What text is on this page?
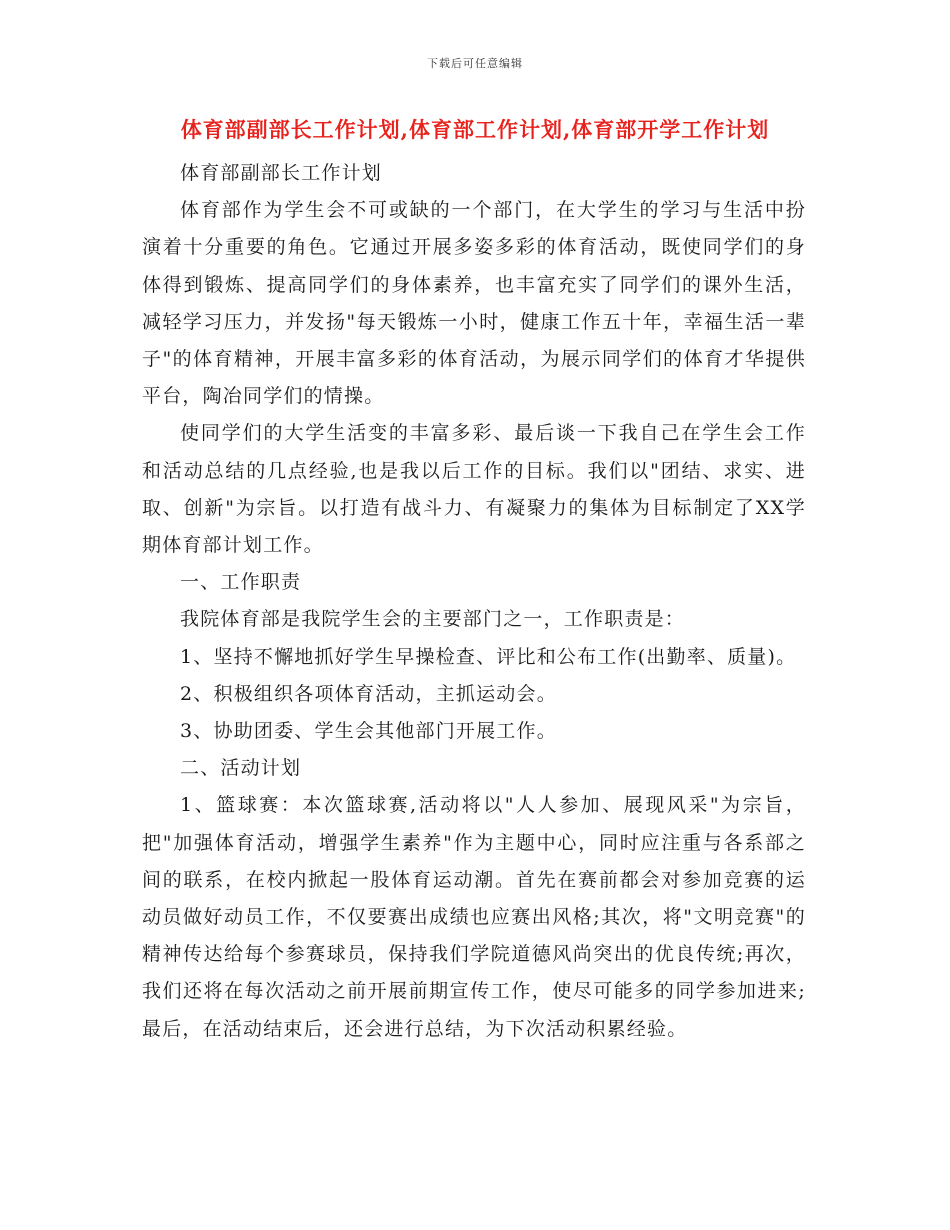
下载后可任意编辑
体育部副部长工作计划,体育部工作计划,体育部开学工作计划

体育部副部长工作计划

体育部作为学生会不可或缺的一个部门，在大学生的学习与生活中扮演着十分重要的角色。它通过开展多姿多彩的体育活动，既使同学们的身体得到锻炼、提高同学们的身体素养，也丰富充实了同学们的课外生活，减轻学习压力，并发扬"每天锻炼一小时，健康工作五十年，幸福生活一辈子"的体育精神，开展丰富多彩的体育活动，为展示同学们的体育才华提供平台，陶冶同学们的情操。

使同学们的大学生活变的丰富多彩、最后谈一下我自己在学生会工作和活动总结的几点经验,也是我以后工作的目标。我们以"团结、求实、进取、创新"为宗旨。以打造有战斗力、有凝聚力的集体为目标制定了XX学期体育部计划工作。

一、工作职责

我院体育部是我院学生会的主要部门之一，工作职责是：

1、坚持不懈地抓好学生早操检查、评比和公布工作(出勤率、质量)。

2、积极组织各项体育活动，主抓运动会。

3、协助团委、学生会其他部门开展工作。

二、活动计划

1、篮球赛：本次篮球赛,活动将以"人人参加、展现风采"为宗旨，把"加强体育活动，增强学生素养"作为主题中心，同时应注重与各系部之间的联系，在校内掀起一股体育运动潮。首先在赛前都会对参加竞赛的运动员做好动员工作，不仅要赛出成绩也应赛出风格;其次，将"文明竞赛"的精神传达给每个参赛球员，保持我们学院道德风尚突出的优良传统;再次，我们还将在每次活动之前开展前期宣传工作，使尽可能多的同学参加进来;最后，在活动结束后，还会进行总结，为下次活动积累经验。
